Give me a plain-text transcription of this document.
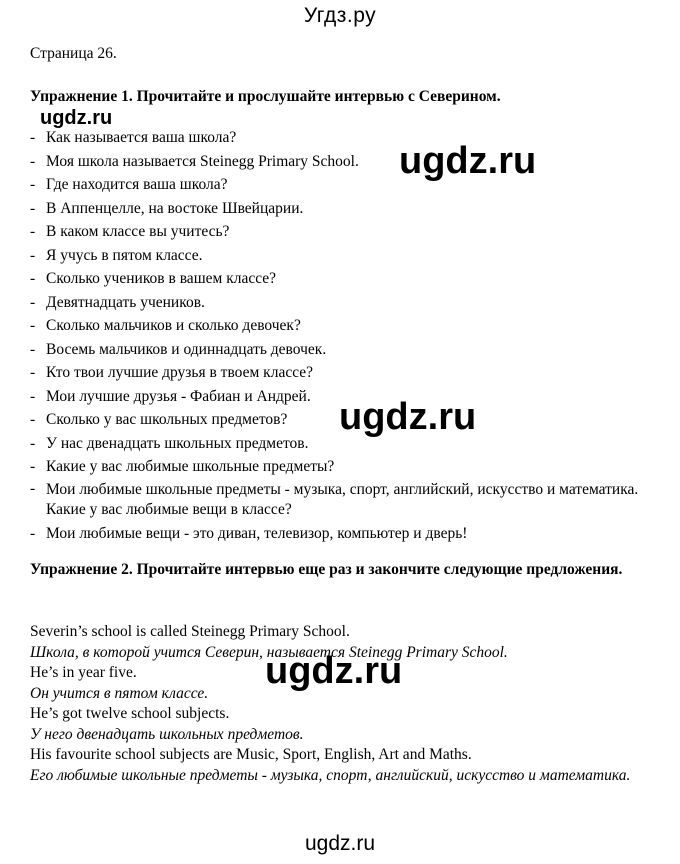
Угдз.ру
Страница 26.
Упражнение 1. Прочитайте и прослушайте интервью с Северином.
ugdz.ru
- Как называется ваша школа?
- Моя школа называется Steinegg Primary School.
- Где находится ваша школа?
- В Аппенцелле, на востоке Швейцарии.
- В каком классе вы учитесь?
- Я учусь в пятом классе.
- Сколько учеников в вашем классе?
- Девятнадцать учеников.
- Сколько мальчиков и сколько девочек?
- Восемь мальчиков и одиннадцать девочек.
- Кто твои лучшие друзья в твоем классе?
- Мои лучшие друзья - Фабиан и Андрей.
- Сколько у вас школьных предметов?
- У нас двенадцать школьных предметов.
- Какие у вас любимые школьные предметы?
- Мои любимые школьные предметы - музыка, спорт, английский, искусство и математика. Какие у вас любимые вещи в классе?
- Мои любимые вещи - это диван, телевизор, компьютер и дверь!
ugdz.ru
ugdz.ru
Упражнение 2. Прочитайте интервью еще раз и закончите следующие предложения.
Severin’s school is called Steinegg Primary School.
Школа, в которой учится Северин, называется Steinegg Primary School.
He’s in year five.
Он учится в пятом классе.
He’s got twelve school subjects.
У него двенадцать школьных предметов.
His favourite school subjects are Music, Sport, English, Art and Maths.
Его любимые школьные предметы - музыка, спорт, английский, искусство и математика.
ugdz.ru
ugdz.ru
